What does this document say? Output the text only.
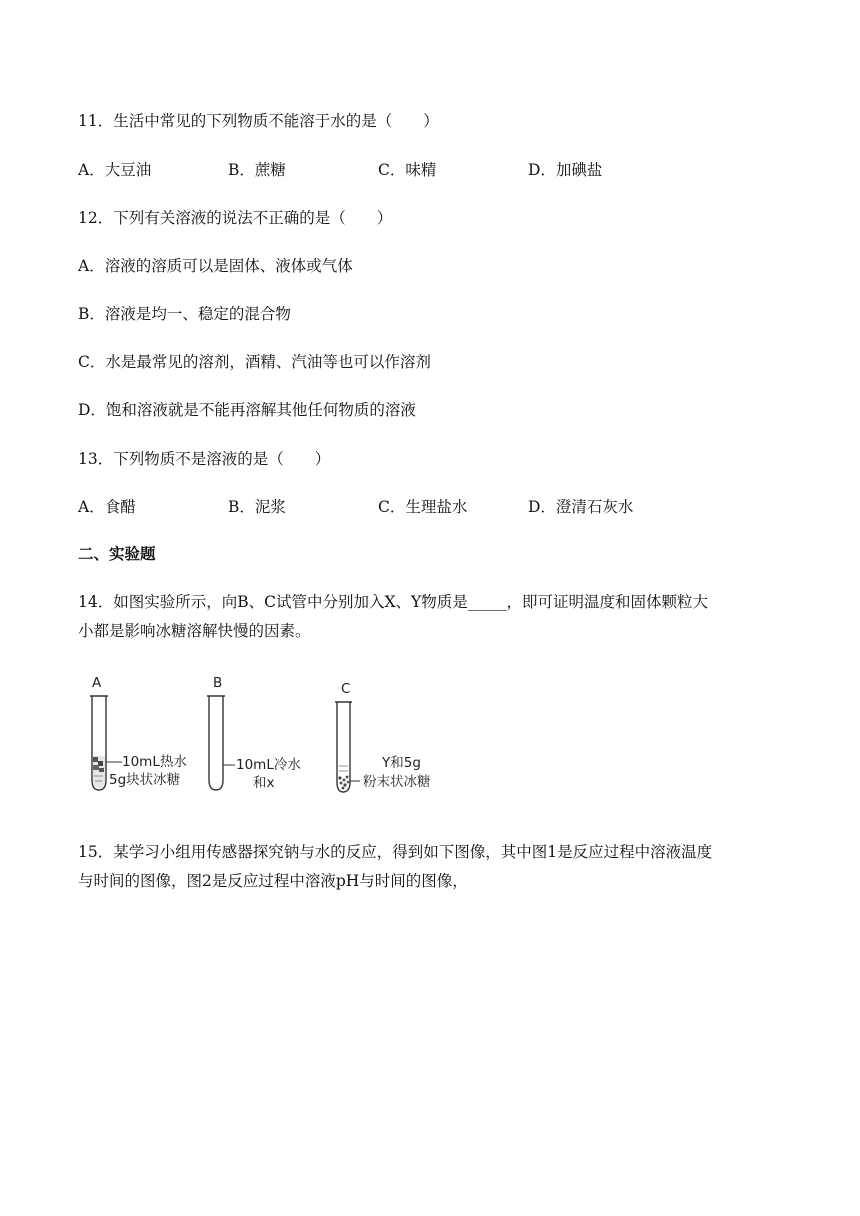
11．生活中常见的下列物质不能溶于水的是（　　）
A．大豆油	B．蔗糖	C．味精	D．加碘盐
12．下列有关溶液的说法不正确的是（　　）
A．溶液的溶质可以是固体、液体或气体
B．溶液是均一、稳定的混合物
C．水是最常见的溶剂，酒精、汽油等也可以作溶剂
D．饱和溶液就是不能再溶解其他任何物质的溶液
13．下列物质不是溶液的是（　　）
A．食醋	B．泥浆	C．生理盐水	D．澄清石灰水
二、实验题
14．如图实验所示，向B、C试管中分别加入X、Y物质是_____，即可证明温度和固体颗粒大
小都是影响冰糖溶解快慢的因素。
A
10mL热水
5g块状冰糖
B
10mL冷水
和x
C
Y和5g
粉末状冰糖
15．某学习小组用传感器探究钠与水的反应，得到如下图像，其中图1是反应过程中溶液温度
与时间的图像，图2是反应过程中溶液pH与时间的图像，
